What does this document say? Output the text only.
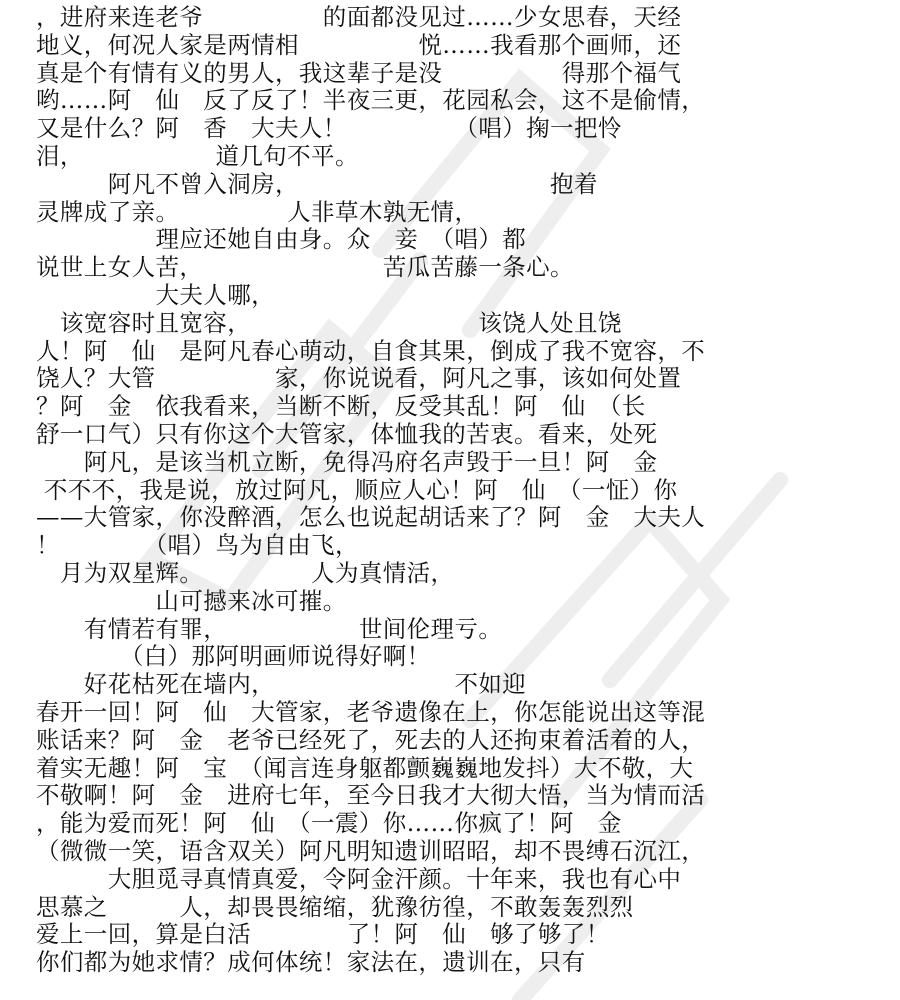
，进府来连老爷　　　　　的面都没见过……少女思春，天经
地义，何况人家是两情相　　　　　悦……我看那个画师，还
真是个有情有义的男人，我这辈子是没　　　　　得那个福气
哟……阿　仙　反了反了！半夜三更，花园私会，这不是偷情，
又是什么？阿　香　大夫人！　　　　　（唱）掬一把怜
泪，　　　　　　道几句不平。
　　　阿凡不曾入洞房，　　　　　　　　　　　抱着
灵牌成了亲。　　　　　人非草木孰无情，
　　　　　理应还她自由身。众　妾　（唱）都
说世上女人苦，　　　　　　　　苦瓜苦藤一条心。
　　　　　大夫人哪，
　该宽容时且宽容，　　　　　　　　　　该饶人处且饶
人！阿　仙　是阿凡春心萌动，自食其果，倒成了我不宽容，不
饶人？大管　　　　　家，你说说看，阿凡之事，该如何处置
？阿　金　依我看来，当断不断，反受其乱！阿　仙　（长
舒一口气）只有你这个大管家，体恤我的苦衷。看来，处死
　　阿凡，是该当机立断，免得冯府名声毁于一旦！阿　金
不不不，我是说，放过阿凡，顺应人心！阿　仙　（一怔）你
——大管家，你没醉酒，怎么也说起胡话来了？阿　金　大夫人
！　　　　（唱）鸟为自由飞，
　月为双星辉。　　　　　人为真情活，
　　　　　山可撼来冰可摧。
　　有情若有罪，　　　　　　世间伦理亏。
　　　　（白）那阿明画师说得好啊！
　　好花枯死在墙内，　　　　　　　　不如迎
春开一回！阿　仙　大管家，老爷遗像在上，你怎能说出这等混
账话来？阿　金　老爷已经死了，死去的人还拘束着活着的人，
着实无趣！阿　宝　（闻言连身躯都颤巍巍地发抖）大不敬，大
不敬啊！阿　金　进府七年，至今日我才大彻大悟，当为情而活
，能为爱而死！阿　仙　（一震）你……你疯了！阿　金
（微微一笑，语含双关）阿凡明知遗训昭昭，却不畏缚石沉江，
　　　大胆觅寻真情真爱，令阿金汗颜。十年来，我也有心中
思慕之　　　人，却畏畏缩缩，犹豫彷徨，不敢轰轰烈烈
爱上一回，算是白活　　　　了！阿　仙　够了够了！
你们都为她求情？成何体统！家法在，遗训在，只有
